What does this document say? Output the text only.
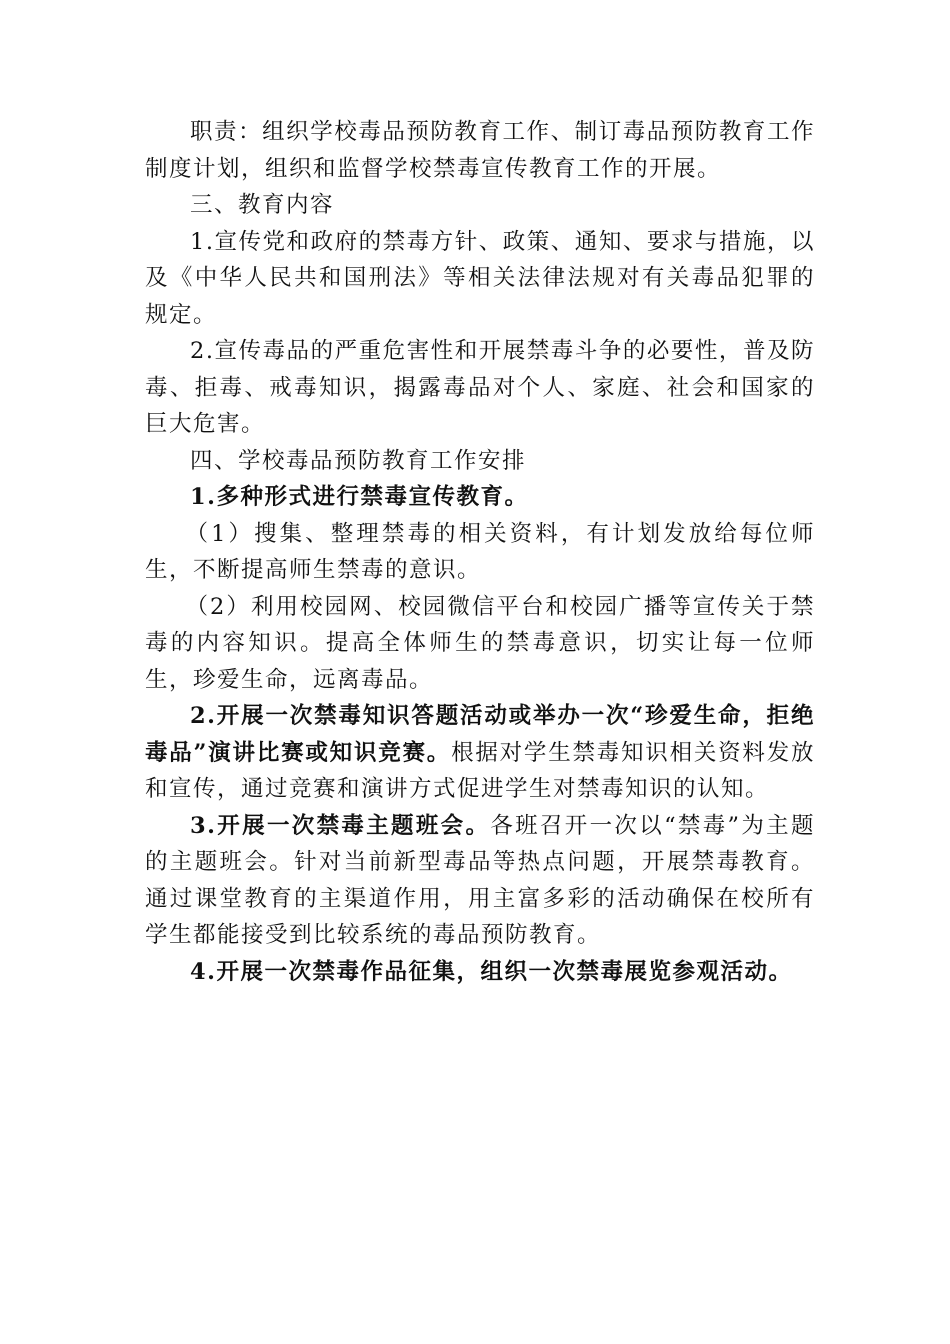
职责：组织学校毒品预防教育工作、制订毒品预防教育工作制度计划，组织和监督学校禁毒宣传教育工作的开展。

三、教育内容

1.宣传党和政府的禁毒方针、政策、通知、要求与措施，以及《中华人民共和国刑法》等相关法律法规对有关毒品犯罪的规定。

2.宣传毒品的严重危害性和开展禁毒斗争的必要性，普及防毒、拒毒、戒毒知识，揭露毒品对个人、家庭、社会和国家的巨大危害。

四、学校毒品预防教育工作安排

1.多种形式进行禁毒宣传教育。

（1）搜集、整理禁毒的相关资料，有计划发放给每位师生，不断提高师生禁毒的意识。

（2）利用校园网、校园微信平台和校园广播等宣传关于禁毒的内容知识。提高全体师生的禁毒意识，切实让每一位师生，珍爱生命，远离毒品。

2.开展一次禁毒知识答题活动或举办一次“珍爱生命，拒绝毒品”演讲比赛或知识竞赛。根据对学生禁毒知识相关资料发放和宣传，通过竞赛和演讲方式促进学生对禁毒知识的认知。

3.开展一次禁毒主题班会。各班召开一次以“禁毒”为主题的主题班会。针对当前新型毒品等热点问题，开展禁毒教育。通过课堂教育的主渠道作用，用主富多彩的活动确保在校所有学生都能接受到比较系统的毒品预防教育。

4.开展一次禁毒作品征集，组织一次禁毒展览参观活动。
